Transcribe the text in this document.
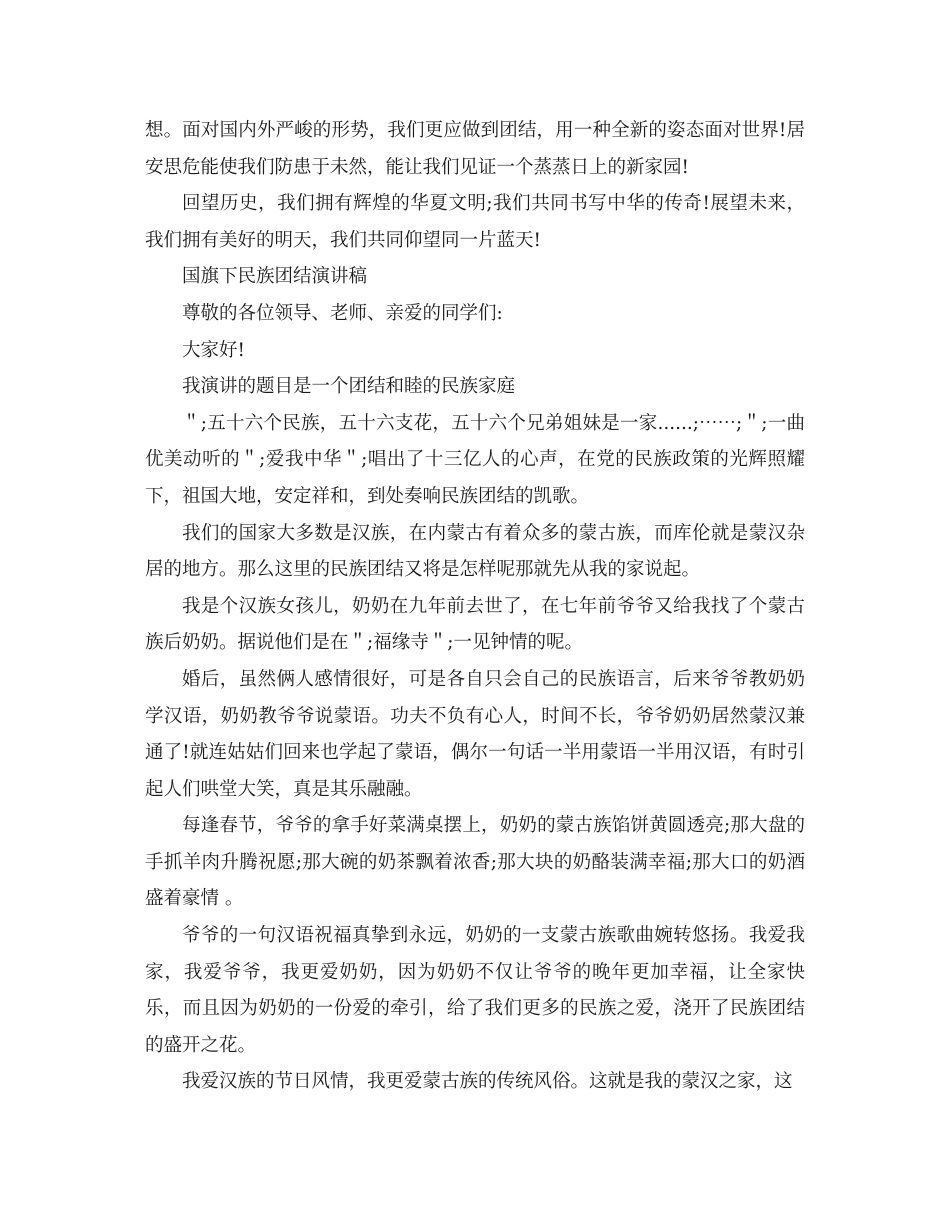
想。面对国内外严峻的形势，我们更应做到团结，用一种全新的姿态面对世界!居安思危能使我们防患于未然，能让我们见证一个蒸蒸日上的新家园!

回望历史，我们拥有辉煌的华夏文明;我们共同书写中华的传奇!展望未来，我们拥有美好的明天，我们共同仰望同一片蓝天!

国旗下民族团结演讲稿

尊敬的各位领导、老师、亲爱的同学们:

大家好!

我演讲的题目是一个团结和睦的民族家庭

＂;五十六个民族，五十六支花，五十六个兄弟姐妹是一家......;⋯⋯;＂;一曲优美动听的＂;爱我中华＂;唱出了十三亿人的心声，在党的民族政策的光辉照耀下，祖国大地，安定祥和，到处奏响民族团结的凯歌。

我们的国家大多数是汉族，在内蒙古有着众多的蒙古族，而库伦就是蒙汉杂居的地方。那么这里的民族团结又将是怎样呢那就先从我的家说起。

我是个汉族女孩儿，奶奶在九年前去世了，在七年前爷爷又给我找了个蒙古族后奶奶。据说他们是在＂;福缘寺＂;一见钟情的呢。

婚后，虽然俩人感情很好，可是各自只会自己的民族语言，后来爷爷教奶奶学汉语，奶奶教爷爷说蒙语。功夫不负有心人，时间不长，爷爷奶奶居然蒙汉兼通了!就连姑姑们回来也学起了蒙语，偶尔一句话一半用蒙语一半用汉语，有时引起人们哄堂大笑，真是其乐融融。

每逢春节，爷爷的拿手好菜满桌摆上，奶奶的蒙古族馅饼黄圆透亮;那大盘的手抓羊肉升腾祝愿;那大碗的奶茶飘着浓香;那大块的奶酪装满幸福;那大口的奶酒盛着豪情 。

爷爷的一句汉语祝福真挚到永远，奶奶的一支蒙古族歌曲婉转悠扬。我爱我家，我爱爷爷，我更爱奶奶，因为奶奶不仅让爷爷的晚年更加幸福，让全家快乐，而且因为奶奶的一份爱的牵引，给了我们更多的民族之爱，浇开了民族团结的盛开之花。

我爱汉族的节日风情，我更爱蒙古族的传统风俗。这就是我的蒙汉之家，这
